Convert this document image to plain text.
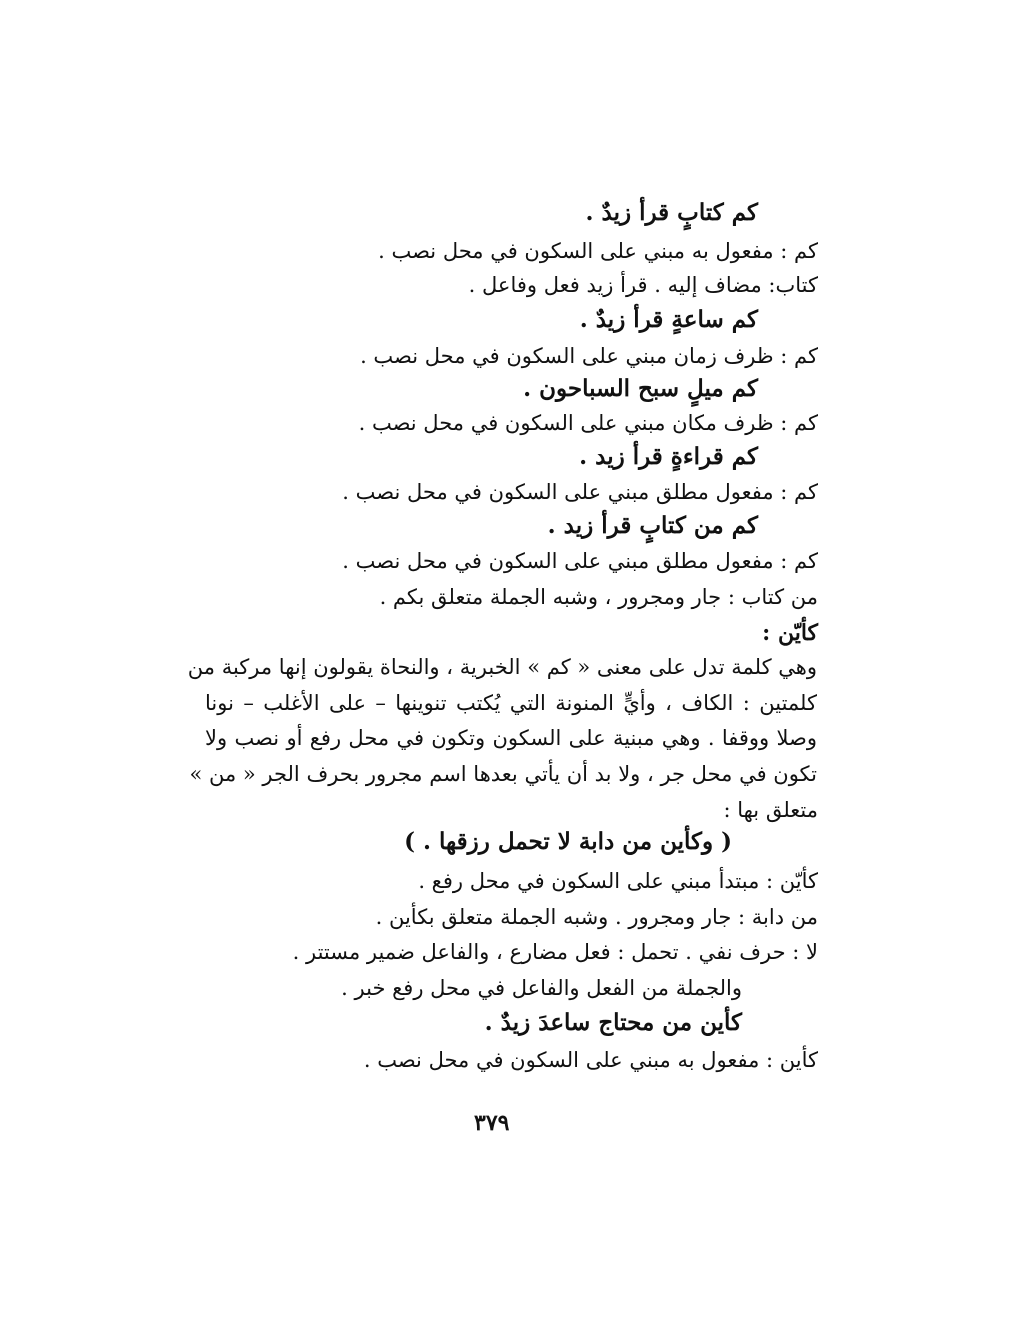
كم كتابٍ قرأ زيدٌ .
كم : مفعول به مبني على السكون في محل نصب .
كتاب: مضاف إليه . قرأ زيد فعل وفاعل .
كم ساعةٍ قرأ زيدٌ .
كم : ظرف زمان مبني على السكون في محل نصب .
كم ميلٍ سبح السباحون .
كم : ظرف مكان مبني على السكون في محل نصب .
كم قراءةٍ قرأ زيد .
كم : مفعول مطلق مبني على السكون في محل نصب .
كم من كتابٍ قرأ زيد .
كم : مفعول مطلق مبني على السكون في محل نصب .
من كتاب : جار ومجرور ، وشبه الجملة متعلق بكم .
كأيّن :
وهي كلمة تدل على معنى « كم » الخبرية ، والنحاة يقولون إنها مركبة من
كلمتين : الكاف ، وأيٍّ المنونة التي يُكتب تنوينها – على الأغلب – نونا
وصلا ووقفا . وهي مبنية على السكون وتكون في محل رفع أو نصب ولا
تكون في محل جر ، ولا بد أن يأتي بعدها اسم مجرور بحرف الجر « من »
متعلق بها :
( وكأين من دابة لا تحمل رزقها . )
كأيّن : مبتدأ مبني على السكون في محل رفع .
من دابة : جار ومجرور . وشبه الجملة متعلق بكأين .
لا : حرف نفي . تحمل : فعل مضارع ، والفاعل ضمير مستتر .
والجملة من الفعل والفاعل في محل رفع خبر .
كأين من محتاج ساعدَ زيدٌ .
كأين : مفعول به مبني على السكون في محل نصب .
٣٧٩
